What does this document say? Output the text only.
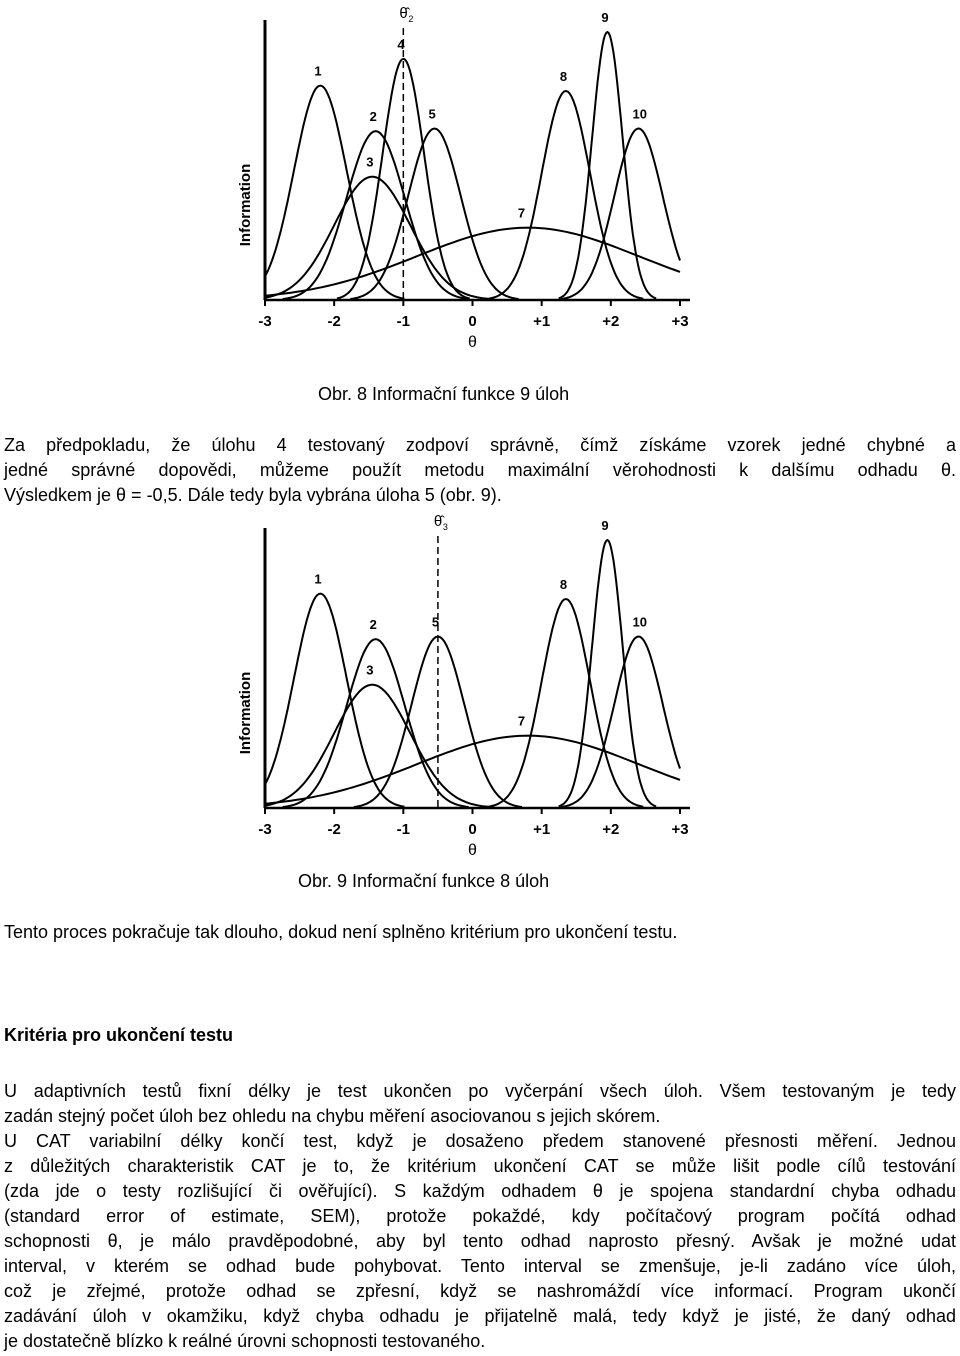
Information
-3	-2	-1	0	+1	+2	+3
θ
θ̂ 2
1
2
3
4
5
7
8
9
10
Obr. 8 Informační funkce 9 úloh
Za předpokladu, že úlohu 4 testovaný zodpoví správně, čímž získáme vzorek jedné chybné a
jedné správné dopovědi, můžeme použít metodu maximální věrohodnosti k dalšímu odhadu θ.
Výsledkem je θ = -0,5. Dále tedy byla vybrána úloha 5 (obr. 9).
Information
-3	-2	-1	0	+1	+2	+3
θ
θ̂ 3
1
2
3
5
7
8
9
10
Obr. 9 Informační funkce 8 úloh
Tento proces pokračuje tak dlouho, dokud není splněno kritérium pro ukončení testu.
Kritéria pro ukončení testu
U adaptivních testů fixní délky je test ukončen po vyčerpání všech úloh. Všem testovaným je tedy
zadán stejný počet úloh bez ohledu na chybu měření asociovanou s jejich skórem.
U CAT variabilní délky končí test, když je dosaženo předem stanovené přesnosti měření. Jednou
z důležitých charakteristik CAT je to, že kritérium ukončení CAT se může lišit podle cílů testování
(zda jde o testy rozlišující či ověřující). S každým odhadem θ je spojena standardní chyba odhadu
(standard error of estimate, SEM), protože pokaždé, kdy počítačový program počítá odhad
schopnosti θ, je málo pravděpodobné, aby byl tento odhad naprosto přesný. Avšak je možné udat
interval, v kterém se odhad bude pohybovat. Tento interval se zmenšuje, je-li zadáno více úloh,
což je zřejmé, protože odhad se zpřesní, když se nashromáždí více informací. Program ukončí
zadávání úloh v okamžiku, když chyba odhadu je přijatelně malá, tedy když je jisté, že daný odhad
je dostatečně blízko k reálné úrovni schopnosti testovaného.
